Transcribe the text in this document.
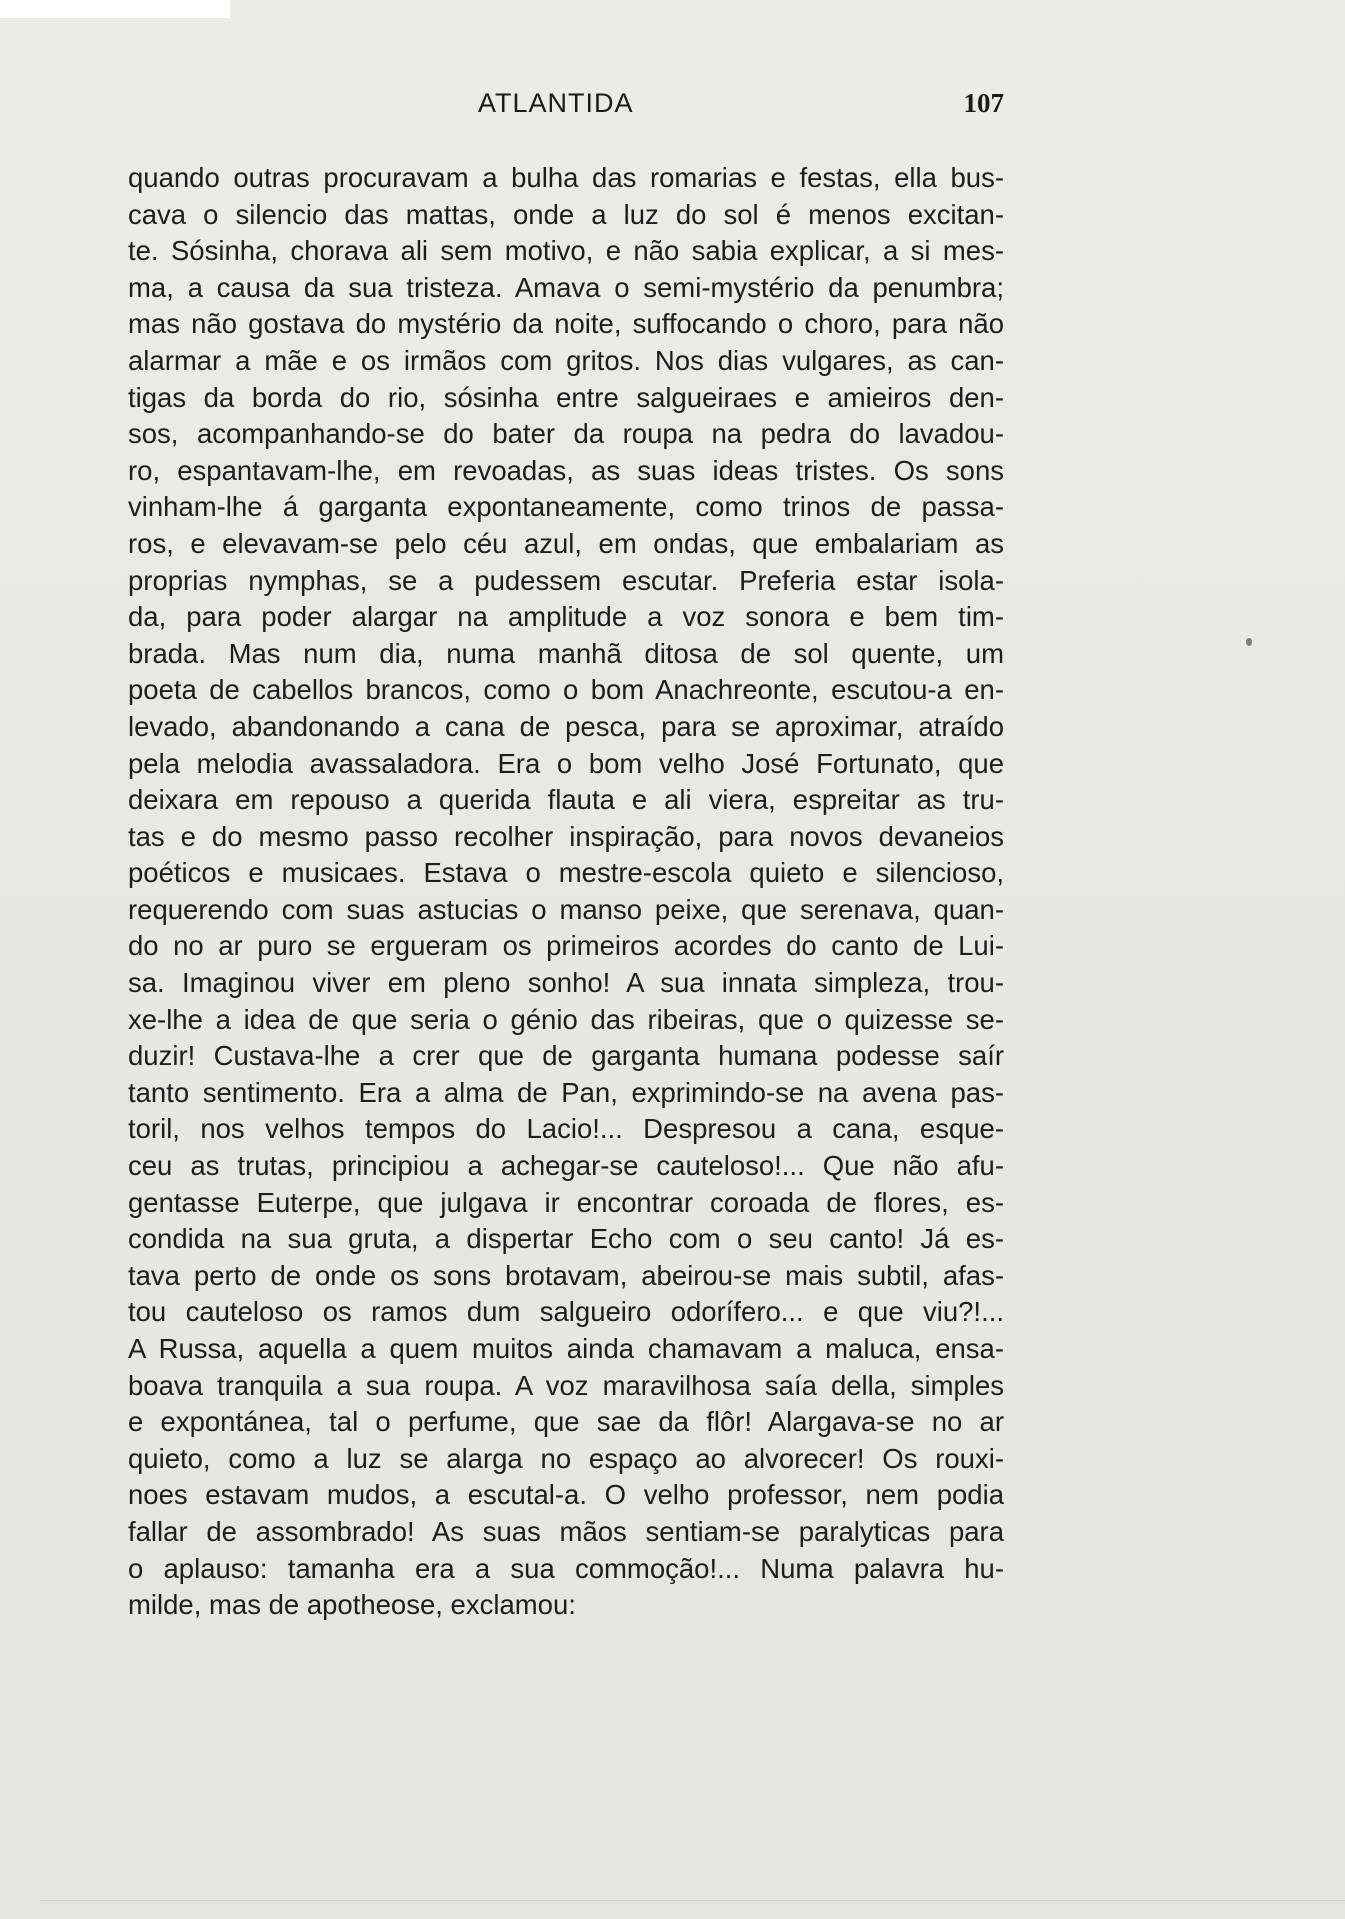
ATLANTIDA	107
quando outras procuravam a bulha das romarias e festas, ella bus-
cava o silencio das mattas, onde a luz do sol é menos excitan-
te. Sósinha, chorava ali sem motivo, e não sabia explicar, a si mes-
ma, a causa da sua tristeza. Amava o semi-mystério da penumbra;
mas não gostava do mystério da noite, suffocando o choro, para não
alarmar a mãe e os irmãos com gritos. Nos dias vulgares, as can-
tigas da borda do rio, sósinha entre salgueiraes e amieiros den-
sos, acompanhando-se do bater da roupa na pedra do lavadou-
ro, espantavam-lhe, em revoadas, as suas ideas tristes. Os sons
vinham-lhe á garganta expontaneamente, como trinos de passa-
ros, e elevavam-se pelo céu azul, em ondas, que embalariam as
proprias nymphas, se a pudessem escutar. Preferia estar isola-
da, para poder alargar na amplitude a voz sonora e bem tim-
brada. Mas num dia, numa manhã ditosa de sol quente, um
poeta de cabellos brancos, como o bom Anachreonte, escutou-a en-
levado, abandonando a cana de pesca, para se aproximar, atraído
pela melodia avassaladora. Era o bom velho José Fortunato, que
deixara em repouso a querida flauta e ali viera, espreitar as tru-
tas e do mesmo passo recolher inspiração, para novos devaneios
poéticos e musicaes. Estava o mestre-escola quieto e silencioso,
requerendo com suas astucias o manso peixe, que serenava, quan-
do no ar puro se ergueram os primeiros acordes do canto de Lui-
sa. Imaginou viver em pleno sonho! A sua innata simpleza, trou-
xe-lhe a idea de que seria o génio das ribeiras, que o quizesse se-
duzir! Custava-lhe a crer que de garganta humana podesse saír
tanto sentimento. Era a alma de Pan, exprimindo-se na avena pas-
toril, nos velhos tempos do Lacio!... Despresou a cana, esque-
ceu as trutas, principiou a achegar-se cauteloso!... Que não afu-
gentasse Euterpe, que julgava ir encontrar coroada de flores, es-
condida na sua gruta, a dispertar Echo com o seu canto! Já es-
tava perto de onde os sons brotavam, abeirou-se mais subtil, afas-
tou cauteloso os ramos dum salgueiro odorífero... e que viu?!...
A Russa, aquella a quem muitos ainda chamavam a maluca, ensa-
boava tranquila a sua roupa. A voz maravilhosa saía della, simples
e expontánea, tal o perfume, que sae da flôr! Alargava-se no ar
quieto, como a luz se alarga no espaço ao alvorecer! Os rouxi-
noes estavam mudos, a escutal-a. O velho professor, nem podia
fallar de assombrado! As suas mãos sentiam-se paralyticas para
o aplauso: tamanha era a sua commoção!... Numa palavra hu-
milde, mas de apotheose, exclamou:
